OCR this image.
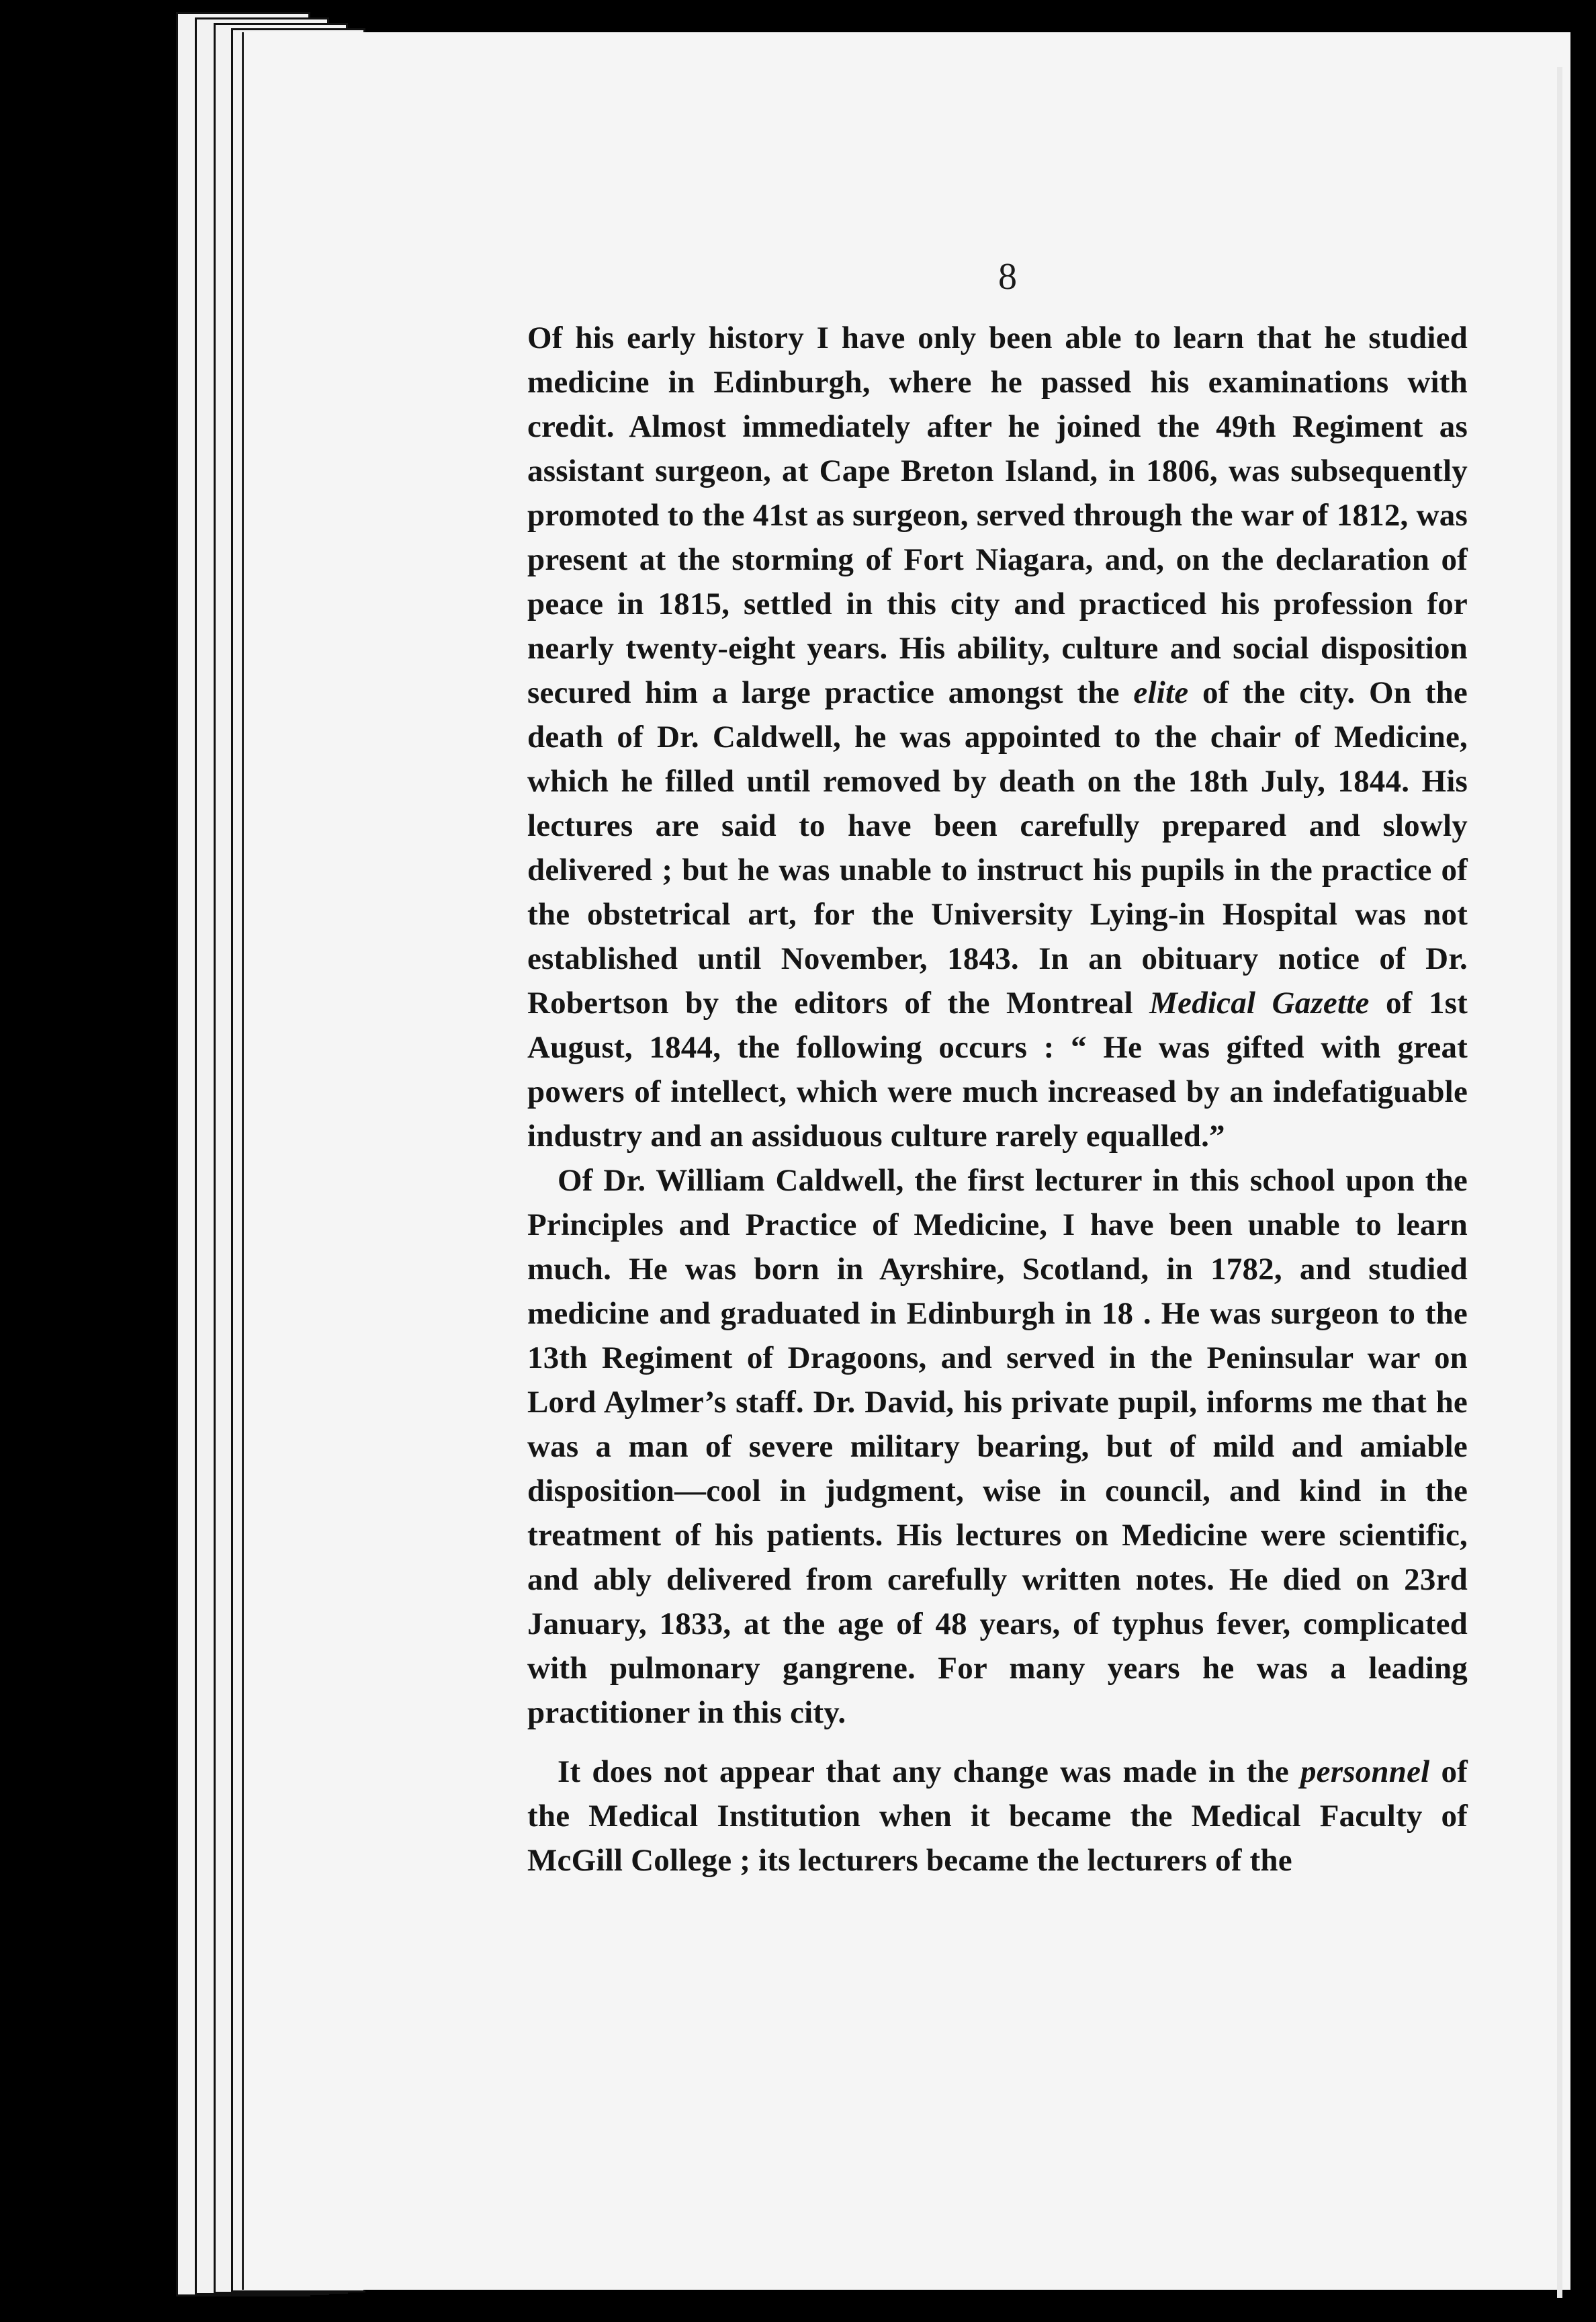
8

Of his early history I have only been able to learn that he studied medicine in Edinburgh, where he passed his examinations with credit. Almost immediately after he joined the 49th Regiment as assistant surgeon, at Cape Breton Island, in 1806, was subsequently promoted to the 41st as surgeon, served through the war of 1812, was present at the storming of Fort Niagara, and, on the declaration of peace in 1815, settled in this city and practiced his profession for nearly twenty-eight years. His ability, culture and social disposition secured him a large practice amongst the elite of the city. On the death of Dr. Caldwell, he was appointed to the chair of Medicine, which he filled until removed by death on the 18th July, 1844. His lectures are said to have been carefully prepared and slowly delivered ; but he was unable to instruct his pupils in the practice of the obstetrical art, for the University Lying-in Hospital was not established until November, 1843. In an obituary notice of Dr. Robertson by the editors of the Montreal Medical Gazette of 1st August, 1844, the following occurs : “ He was gifted with great powers of intellect, which were much increased by an indefatiguable industry and an assiduous culture rarely equalled.”

Of Dr. William Caldwell, the first lecturer in this school upon the Principles and Practice of Medicine, I have been unable to learn much. He was born in Ayrshire, Scotland, in 1782, and studied medicine and graduated in Edinburgh in 18 . He was surgeon to the 13th Regiment of Dragoons, and served in the Peninsular war on Lord Aylmer’s staff. Dr. David, his private pupil, informs me that he was a man of severe military bearing, but of mild and amiable disposition—cool in judgment, wise in council, and kind in the treatment of his patients. His lectures on Medicine were scientific, and ably delivered from carefully written notes. He died on 23rd January, 1833, at the age of 48 years, of typhus fever, complicated with pulmonary gangrene. For many years he was a leading practitioner in this city.

It does not appear that any change was made in the personnel of the Medical Institution when it became the Medical Faculty of McGill College ; its lecturers became the lecturers of the
